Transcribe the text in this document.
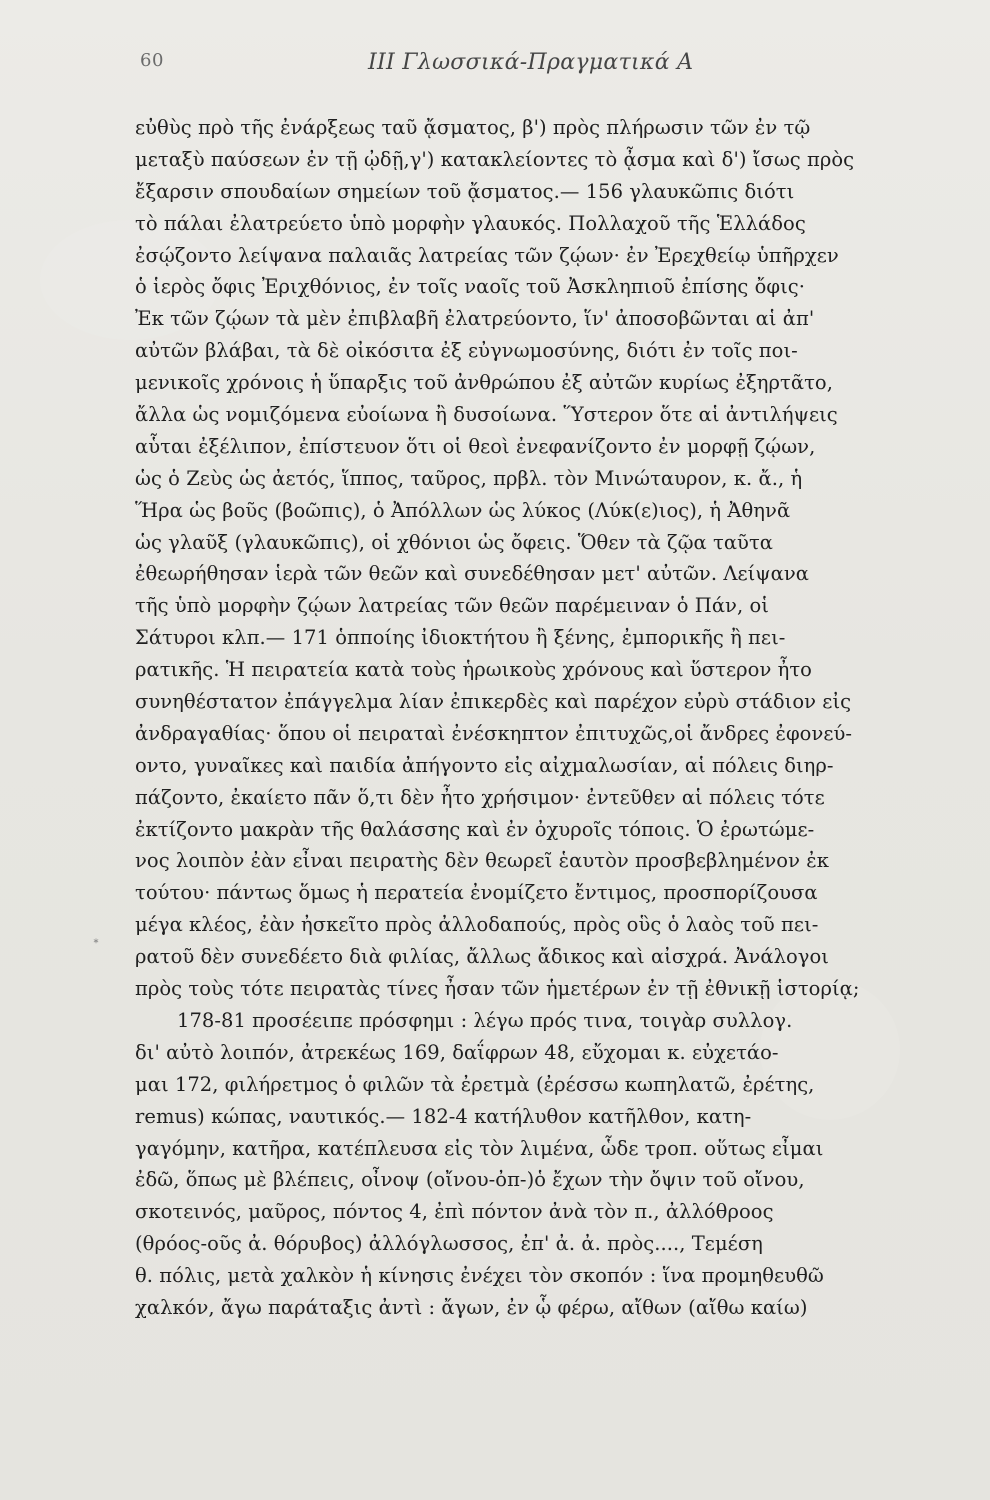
60	III Γλωσσικά-Πραγματικά Α
*
εὐθὺς πρὸ τῆς ἐνάρξεως ταῦ ᾄσματος, β') πρὸς πλήρωσιν τῶν ἐν τῷ
μεταξὺ παύσεων ἐν τῇ ᾠδῇ,γ') κατακλείοντες τὸ ᾆσμα καὶ δ') ἴσως πρὸς
ἔξαρσιν σπουδαίων σημείων τοῦ ᾄσματος.— 156 γλαυκῶπις διότι
τὸ πάλαι ἐλατρεύετο ὑπὸ μορφὴν γλαυκός. Πολλαχοῦ τῆς Ἑλλάδος
ἐσῴζοντο λείψανα παλαιᾶς λατρείας τῶν ζῴων· ἐν Ἐρεχθείῳ ὑπῆρχεν
ὁ ἱερὸς ὄφις Ἐριχθόνιος, ἐν τοῖς ναοῖς τοῦ Ἀσκληπιοῦ ἐπίσης ὄφις·
Ἐκ τῶν ζῴων τὰ μὲν ἐπιβλαβῆ ἐλατρεύοντο, ἵν' ἀποσοβῶνται αἱ ἀπ'
αὐτῶν βλάβαι, τὰ δὲ οἰκόσιτα ἐξ εὐγνωμοσύνης, διότι ἐν τοῖς ποι-
μενικοῖς χρόνοις ἡ ὕπαρξις τοῦ ἀνθρώπου ἐξ αὐτῶν κυρίως ἐξηρτᾶτο,
ἄλλα ὡς νομιζόμενα εὐοίωνα ἢ δυσοίωνα. Ὕστερον ὅτε αἱ ἀντιλήψεις
αὗται ἐξέλιπον, ἐπίστευον ὅτι οἱ θεοὶ ἐνεφανίζοντο ἐν μορφῇ ζῴων,
ὡς ὁ Ζεὺς ὡς ἀετός, ἵππος, ταῦρος, πρβλ. τὸν Μινώταυρον, κ. ἄ., ἡ
Ἥρα ὡς βοῦς (βοῶπις), ὁ Ἀπόλλων ὡς λύκος (Λύκ(ε)ιος), ἡ Ἀθηνᾶ
ὡς γλαῦξ (γλαυκῶπις), οἱ χθόνιοι ὡς ὄφεις. Ὅθεν τὰ ζῷα ταῦτα
ἐθεωρήθησαν ἱερὰ τῶν θεῶν καὶ συνεδέθησαν μετ' αὐτῶν. Λείψανα
τῆς ὑπὸ μορφὴν ζῴων λατρείας τῶν θεῶν παρέμειναν ὁ Πάν, οἱ
Σάτυροι κλπ.— 171 ὁπποίης ἰδιοκτήτου ἢ ξένης, ἐμπορικῆς ἢ πει-
ρατικῆς. Ἡ πειρατεία κατὰ τοὺς ἡρωικοὺς χρόνους καὶ ὕστερον ἦτο
συνηθέστατον ἐπάγγελμα λίαν ἐπικερδὲς καὶ παρέχον εὐρὺ στάδιον εἰς
ἀνδραγαθίας· ὅπου οἱ πειραταὶ ἐνέσκηπτον ἐπιτυχῶς,οἱ ἄνδρες ἐφονεύ-
οντο, γυναῖκες καὶ παιδία ἀπήγοντο εἰς αἰχμαλωσίαν, αἱ πόλεις διηρ-
πάζοντο, ἐκαίετο πᾶν ὅ,τι δὲν ἦτο χρήσιμον· ἐντεῦθεν αἱ πόλεις τότε
ἐκτίζοντο μακρὰν τῆς θαλάσσης καὶ ἐν ὀχυροῖς τόποις. Ὁ ἐρωτώμε-
νος λοιπὸν ἐὰν εἶναι πειρατὴς δὲν θεωρεῖ ἑαυτὸν προσβεβλημένον ἐκ
τούτου· πάντως ὅμως ἡ περατεία ἐνομίζετο ἔντιμος, προσπορίζουσα
μέγα κλέος, ἐὰν ἠσκεῖτο πρὸς ἀλλοδαπούς, πρὸς οὓς ὁ λαὸς τοῦ πει-
ρατοῦ δὲν συνεδέετο διὰ φιλίας, ἄλλως ἄδικος καὶ αἰσχρά. Ἀνάλογοι
πρὸς τοὺς τότε πειρατὰς τίνες ἦσαν τῶν ἡμετέρων ἐν τῇ ἐθνικῇ ἱστορίᾳ;
178-81 προσέειπε πρόσφημι : λέγω πρός τινα, τοιγὰρ συλλογ.
δι' αὐτὸ λοιπόν, ἀτρεκέως 169, δαΐφρων 48, εὔχομαι κ. εὐχετάο-
μαι 172, φιλήρετμος ὁ φιλῶν τὰ ἐρετμὰ (ἐρέσσω κωπηλατῶ, ἐρέτης,
remus) κώπας, ναυτικός.— 182-4 κατήλυθον κατῆλθον, κατη-
γαγόμην, κατῆρα, κατέπλευσα εἰς τὸν λιμένα, ὧδε τροπ. οὕτως εἶμαι
ἐδῶ, ὅπως μὲ βλέπεις, οἶνοψ (οἴνου-ὀπ-)ὁ ἔχων τὴν ὄψιν τοῦ οἴνου,
σκοτεινός, μαῦρος, πόντος 4, ἐπὶ πόντον ἀνὰ τὸν π., ἀλλόθροος
(θρόος-οῦς ἀ. θόρυβος) ἀλλόγλωσσος, ἐπ' ἀ. ἀ. πρὸς...., Τεμέση
θ. πόλις, μετὰ χαλκὸν ἡ κίνησις ἐνέχει τὸν σκοπόν : ἵνα προμηθευθῶ
χαλκόν, ἄγω παράταξις ἀντὶ : ἄγων, ἐν ᾧ φέρω, αἴθων (αἴθω καίω)
